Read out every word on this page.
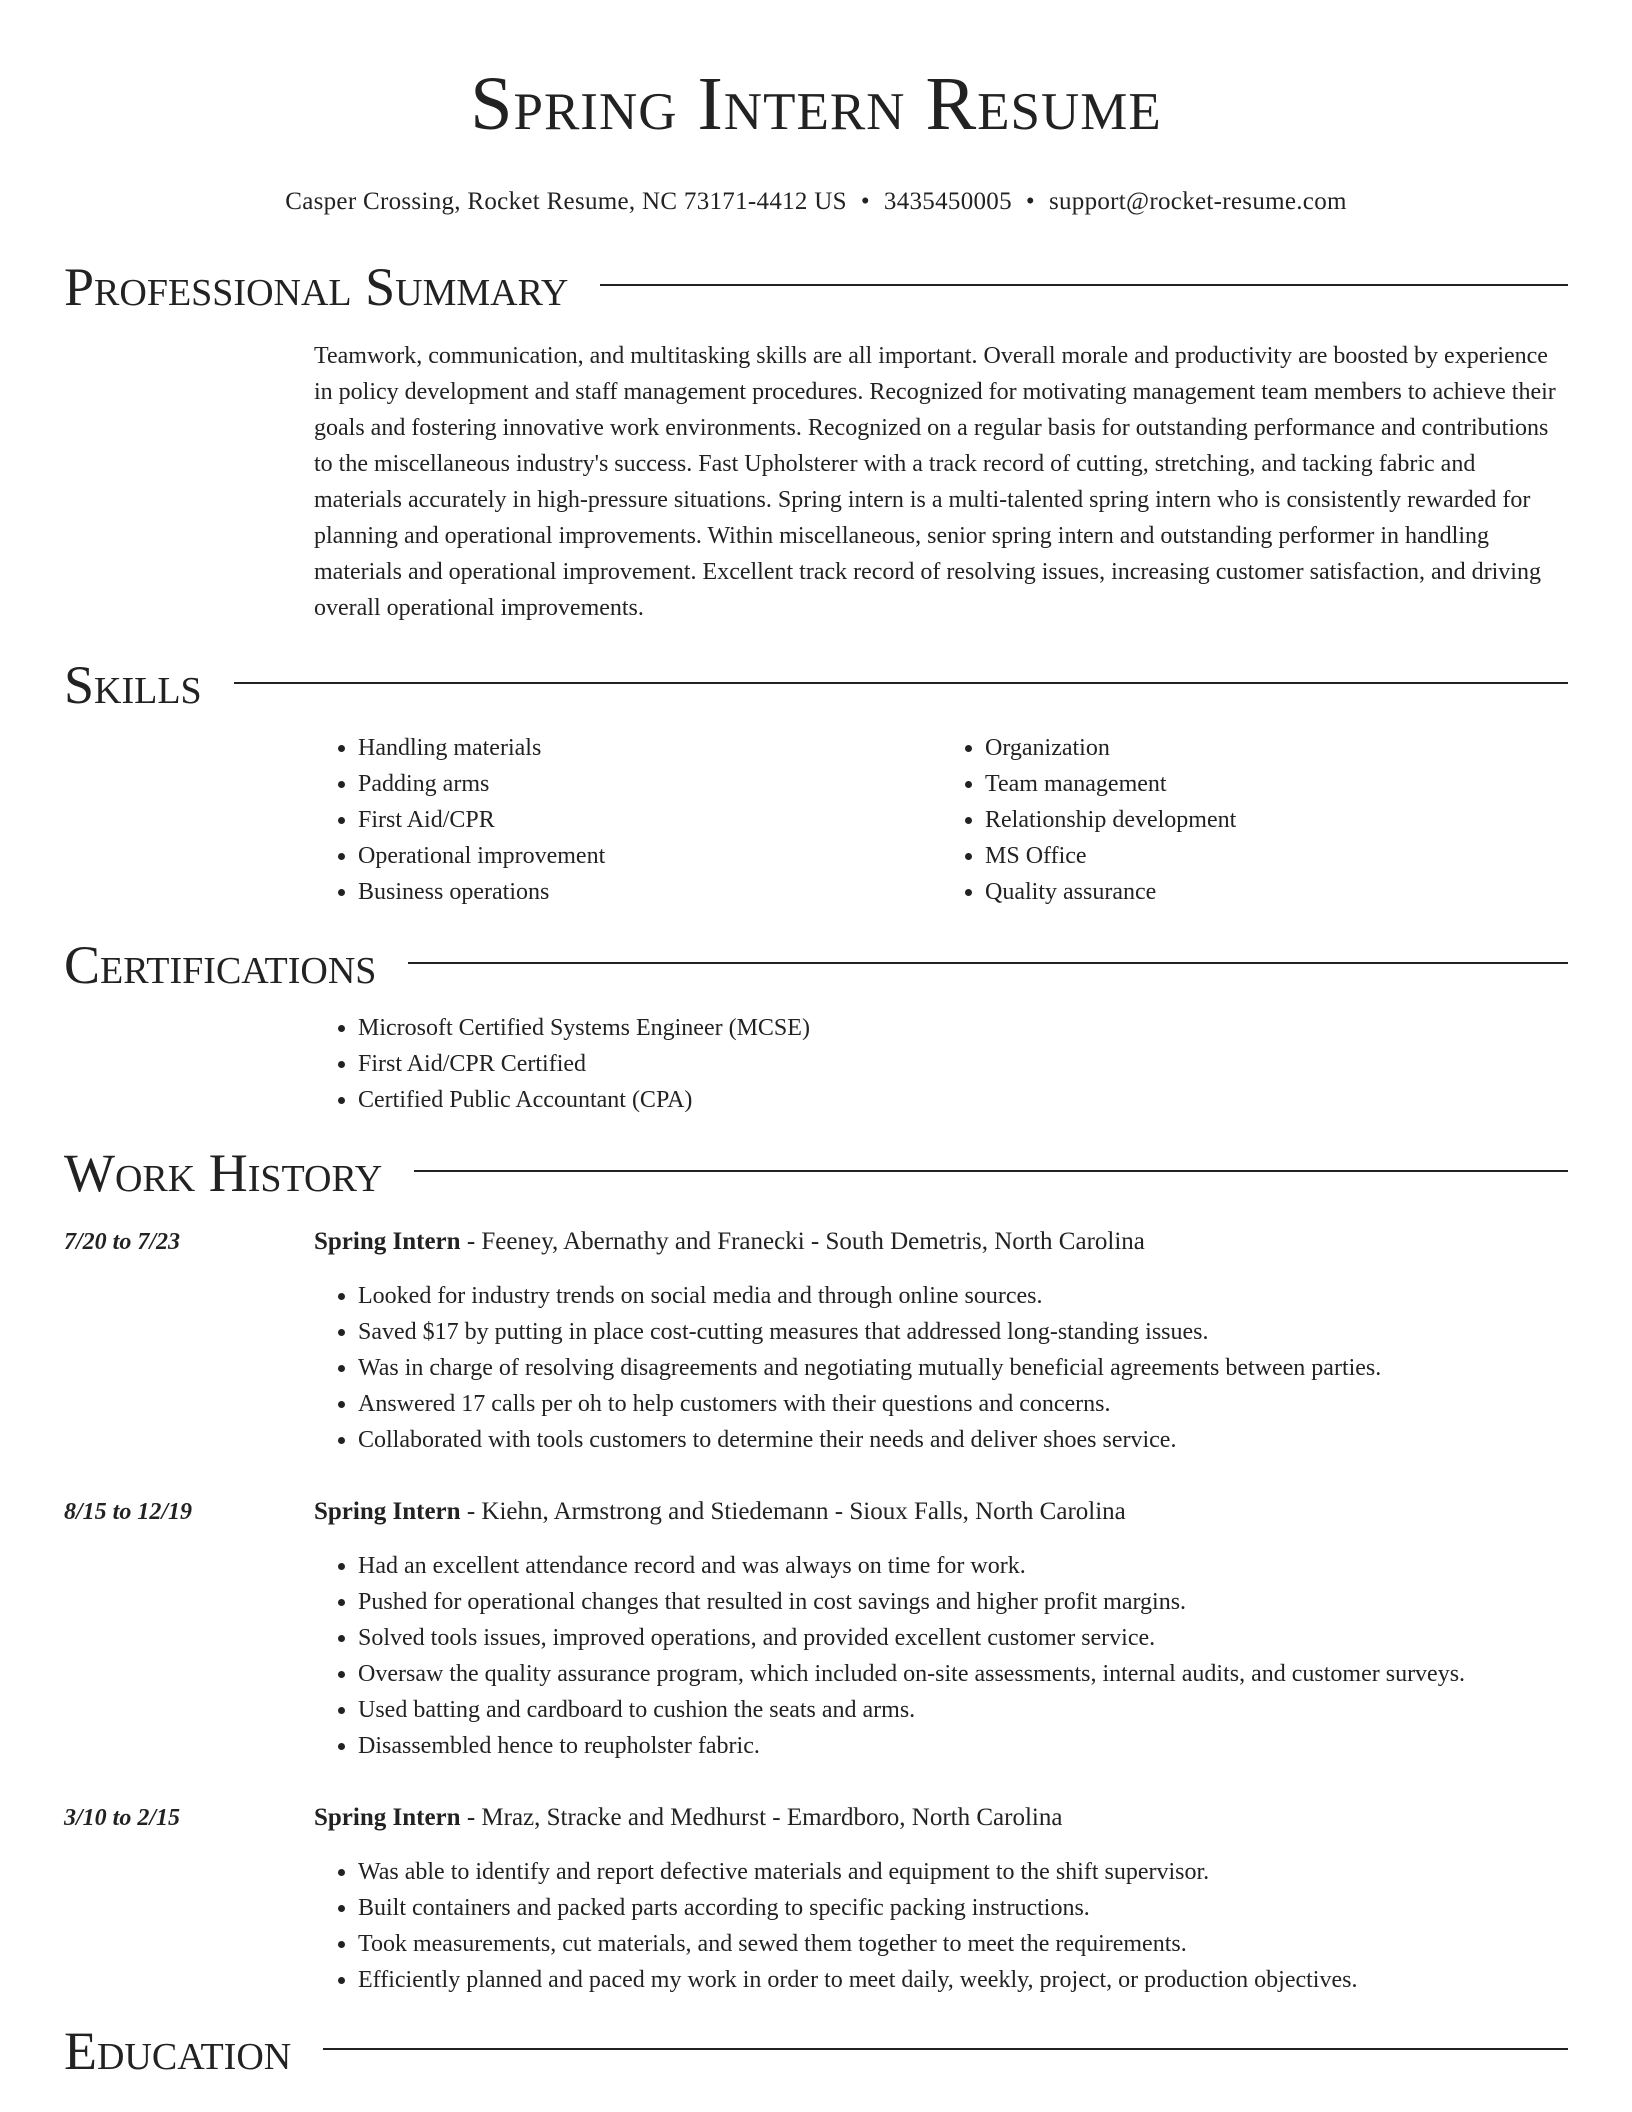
Spring Intern Resume
Casper Crossing, Rocket Resume, NC 73171-4412 US • 3435450005 • support@rocket-resume.com
Professional Summary

Teamwork, communication, and multitasking skills are all important. Overall morale and productivity are boosted by experience in policy development and staff management procedures. Recognized for motivating management team members to achieve their goals and fostering innovative work environments. Recognized on a regular basis for outstanding performance and contributions to the miscellaneous industry's success. Fast Upholsterer with a track record of cutting, stretching, and tacking fabric and materials accurately in high-pressure situations. Spring intern is a multi-talented spring intern who is consistently rewarded for planning and operational improvements. Within miscellaneous, senior spring intern and outstanding performer in handling materials and operational improvement. Excellent track record of resolving issues, increasing customer satisfaction, and driving overall operational improvements.

Skills
• Handling materials
• Padding arms
• First Aid/CPR
• Operational improvement
• Business operations
• Organization
• Team management
• Relationship development
• MS Office
• Quality assurance
Certifications
• Microsoft Certified Systems Engineer (MCSE)
• First Aid/CPR Certified
• Certified Public Accountant (CPA)
Work History
7/20 to 7/23	Spring Intern - Feeney, Abernathy and Franecki - South Demetris, North Carolina
• Looked for industry trends on social media and through online sources.
• Saved $17 by putting in place cost-cutting measures that addressed long-standing issues.
• Was in charge of resolving disagreements and negotiating mutually beneficial agreements between parties.
• Answered 17 calls per oh to help customers with their questions and concerns.
• Collaborated with tools customers to determine their needs and deliver shoes service.
8/15 to 12/19	Spring Intern - Kiehn, Armstrong and Stiedemann - Sioux Falls, North Carolina
• Had an excellent attendance record and was always on time for work.
• Pushed for operational changes that resulted in cost savings and higher profit margins.
• Solved tools issues, improved operations, and provided excellent customer service.
• Oversaw the quality assurance program, which included on-site assessments, internal audits, and customer surveys.
• Used batting and cardboard to cushion the seats and arms.
• Disassembled hence to reupholster fabric.
3/10 to 2/15	Spring Intern - Mraz, Stracke and Medhurst - Emardboro, North Carolina
• Was able to identify and report defective materials and equipment to the shift supervisor.
• Built containers and packed parts according to specific packing instructions.
• Took measurements, cut materials, and sewed them together to meet the requirements.
• Efficiently planned and paced my work in order to meet daily, weekly, project, or production objectives.
Education
